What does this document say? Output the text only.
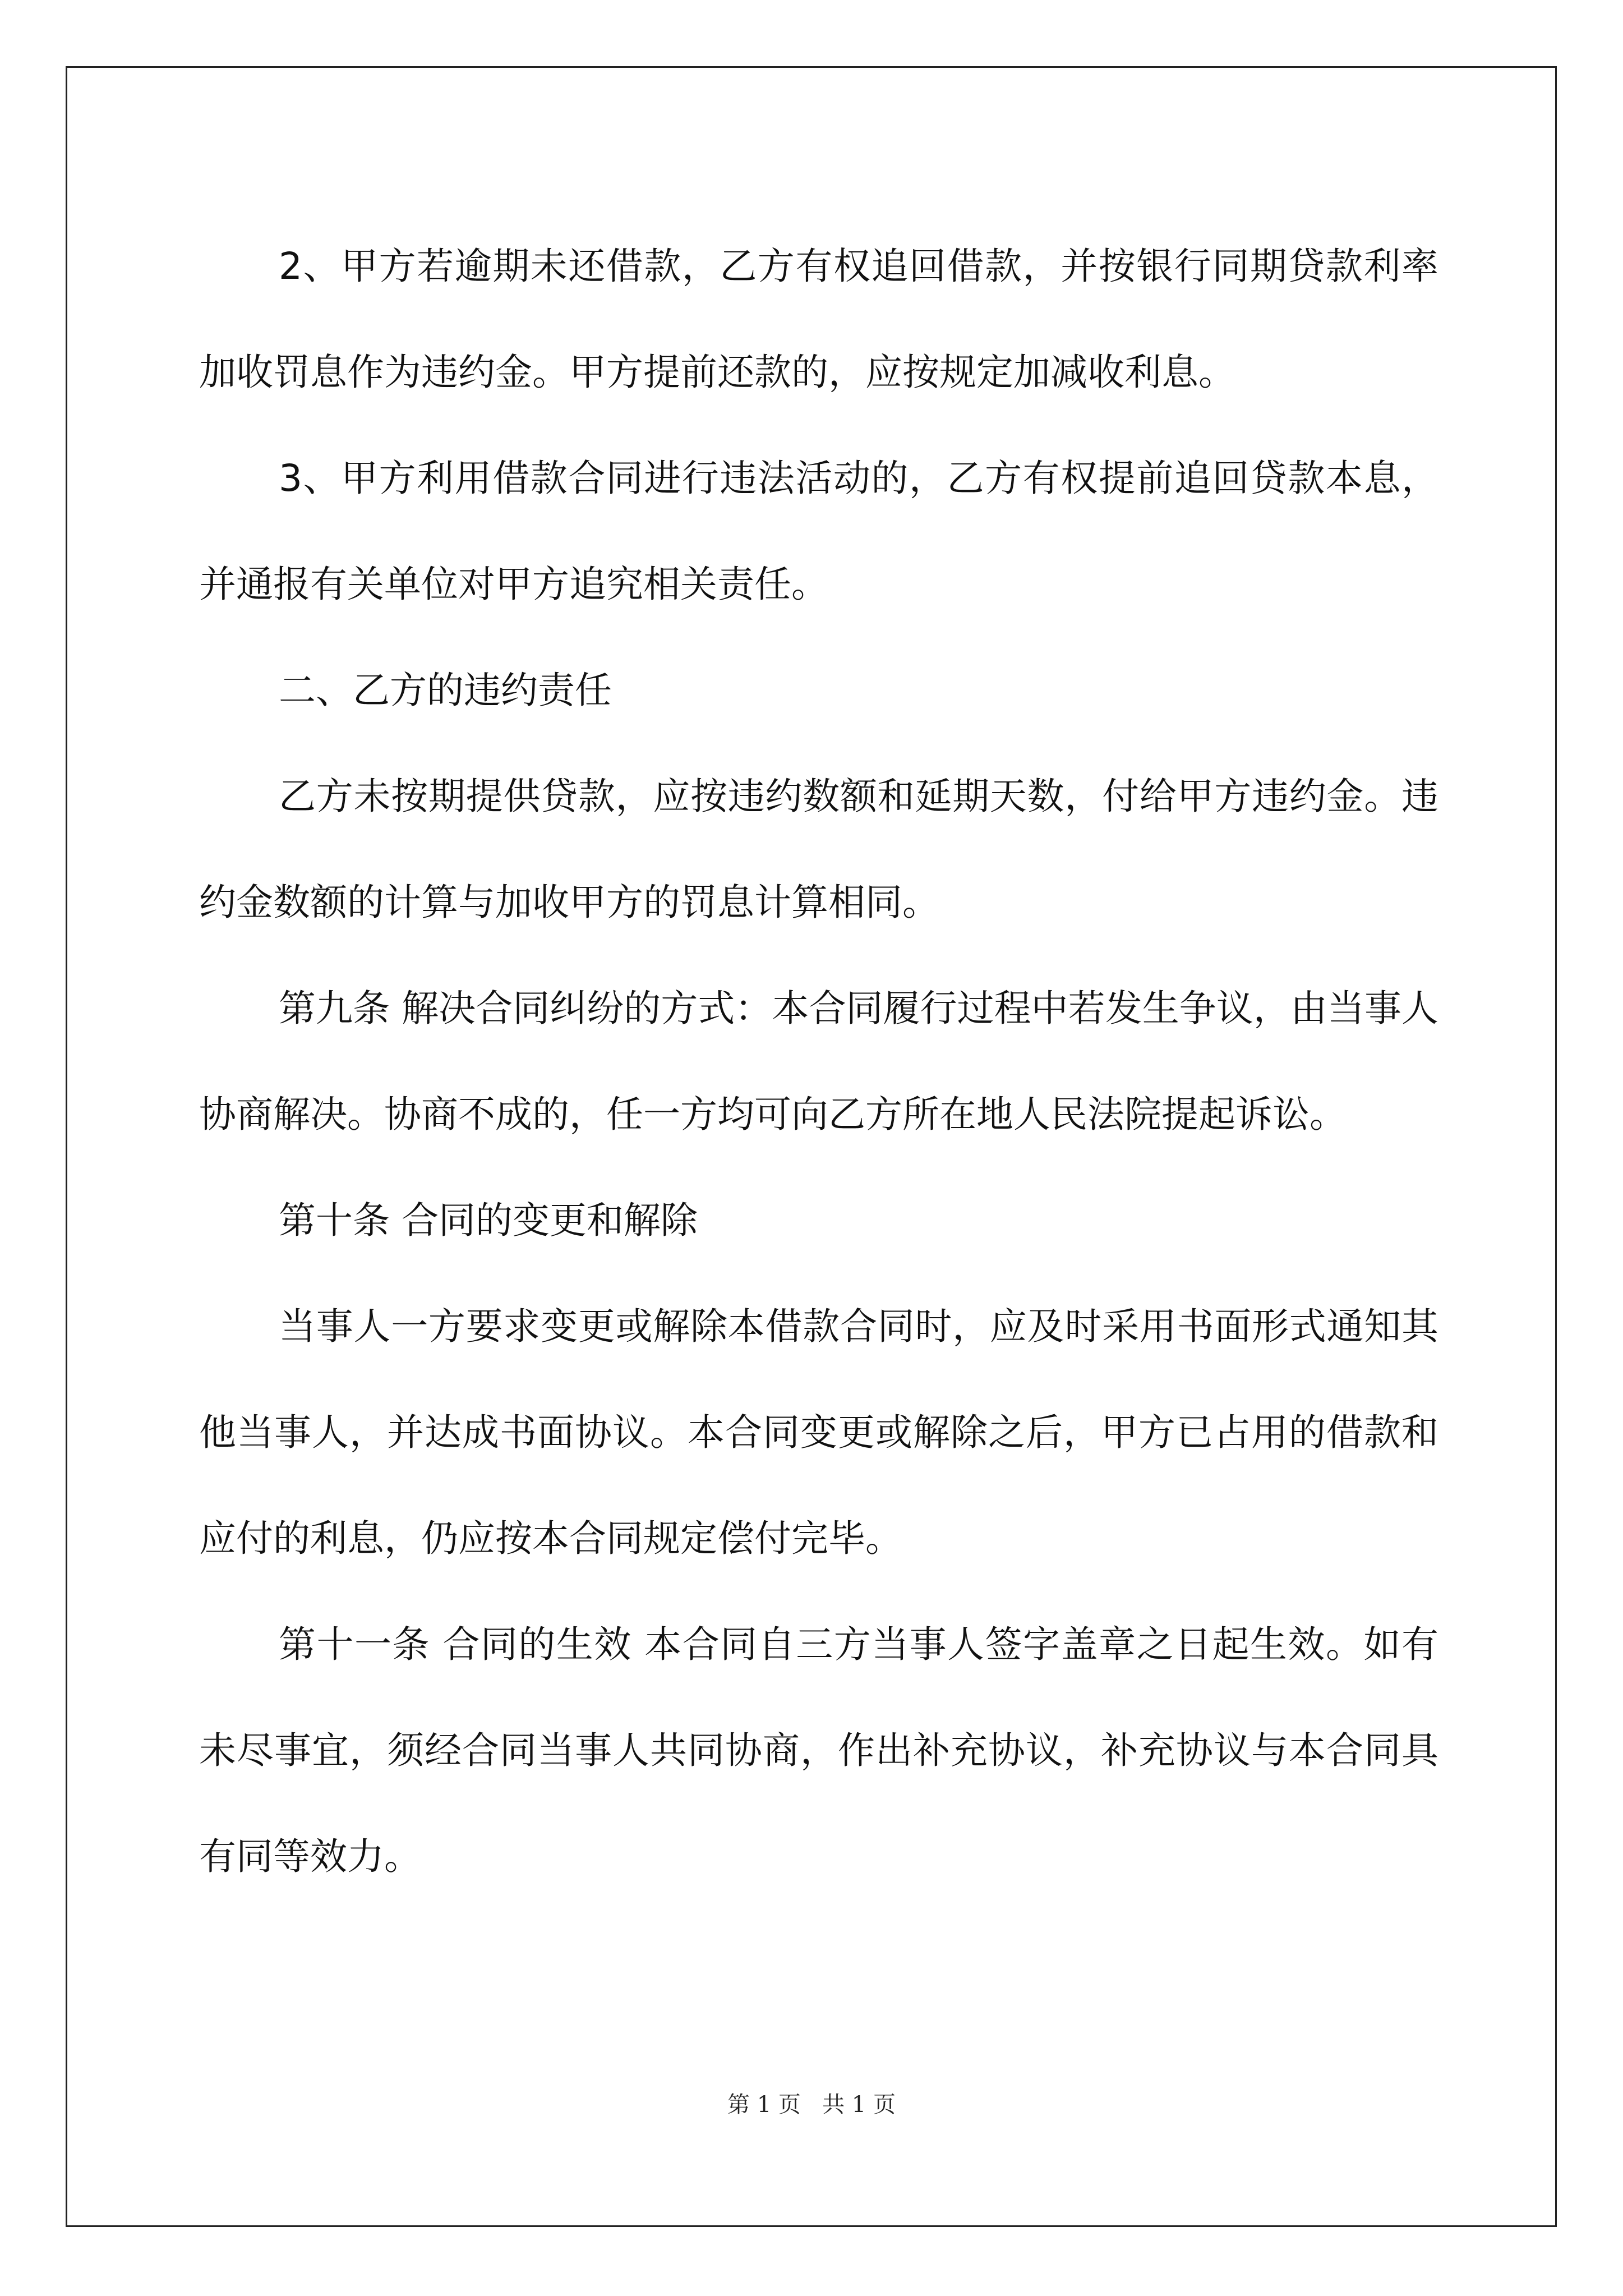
2、甲方若逾期未还借款，乙方有权追回借款，并按银行同期贷款利率加收罚息作为违约金。甲方提前还款的，应按规定加减收利息。

3、甲方利用借款合同进行违法活动的，乙方有权提前追回贷款本息，并通报有关单位对甲方追究相关责任。

二、乙方的违约责任

乙方未按期提供贷款，应按违约数额和延期天数，付给甲方违约金。违约金数额的计算与加收甲方的罚息计算相同。

第九条 解决合同纠纷的方式：本合同履行过程中若发生争议，由当事人协商解决。协商不成的，任一方均可向乙方所在地人民法院提起诉讼。

第十条 合同的变更和解除

当事人一方要求变更或解除本借款合同时，应及时采用书面形式通知其他当事人，并达成书面协议。本合同变更或解除之后，甲方已占用的借款和应付的利息，仍应按本合同规定偿付完毕。

第十一条 合同的生效 本合同自三方当事人签字盖章之日起生效。如有未尽事宜，须经合同当事人共同协商，作出补充协议，补充协议与本合同具有同等效力。

第 1 页   共 1 页
